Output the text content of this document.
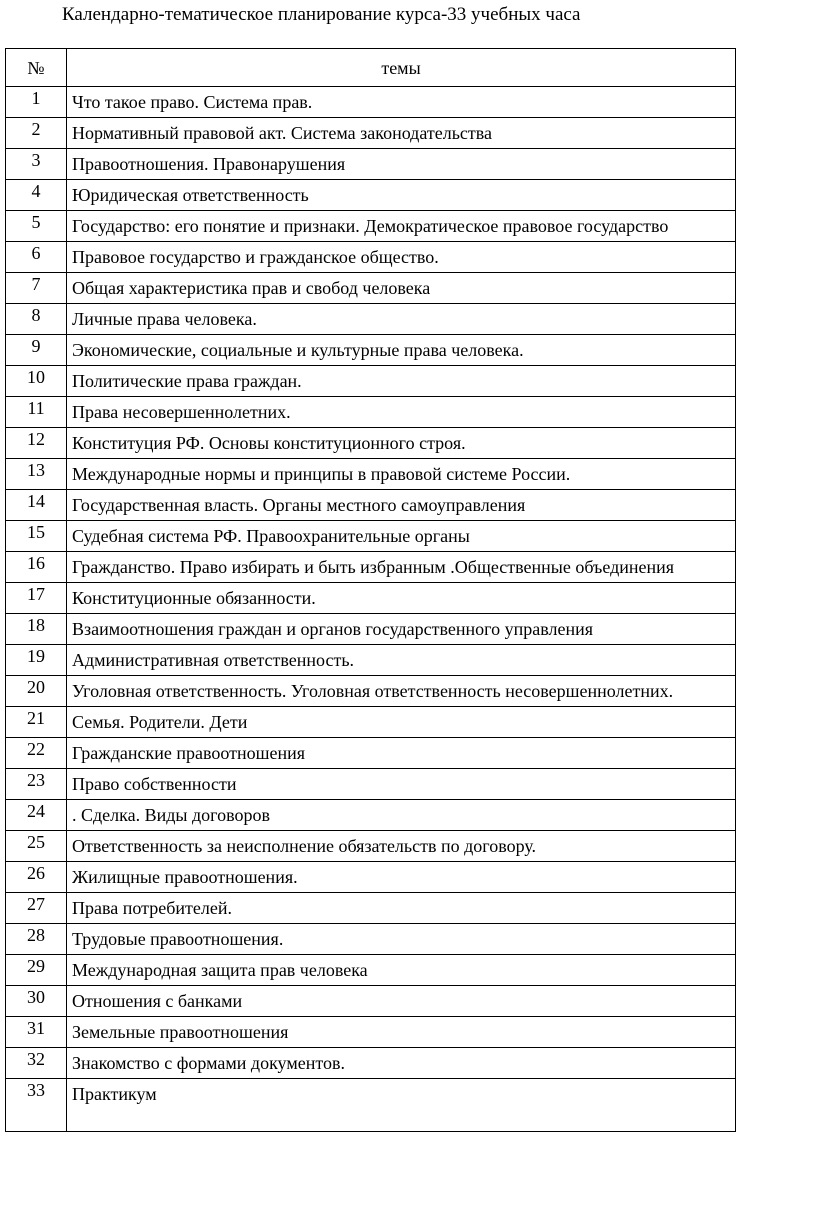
Календарно-тематическое планирование курса-33 учебных часа
№	темы
1	Что такое право. Система прав.
2	Нормативный правовой акт. Система законодательства
3	Правоотношения. Правонарушения
4	Юридическая ответственность
5	Государство: его понятие и признаки. Демократическое правовое государство
6	Правовое государство и гражданское общество.
7	Общая характеристика прав и свобод человека
8	Личные права человека.
9	Экономические, социальные и культурные права человека.
10	Политические права граждан.
11	Права несовершеннолетних.
12	Конституция РФ. Основы конституционного строя.
13	Международные нормы и принципы в правовой системе России.
14	Государственная власть. Органы местного самоуправления
15	Судебная система РФ. Правоохранительные органы
16	Гражданство. Право избирать и быть избранным .Общественные объединения
17	Конституционные обязанности.
18	Взаимоотношения граждан и органов государственного управления
19	Административная ответственность.
20	Уголовная ответственность. Уголовная ответственность несовершеннолетних.
21	Семья. Родители. Дети
22	Гражданские правоотношения
23	Право собственности
24	. Сделка. Виды договоров
25	Ответственность за неисполнение обязательств по договору.
26	Жилищные правоотношения.
27	Права потребителей.
28	Трудовые правоотношения.
29	Международная защита прав человека
30	Отношения с банками
31	Земельные правоотношения
32	Знакомство с формами документов.
33	Практикум
